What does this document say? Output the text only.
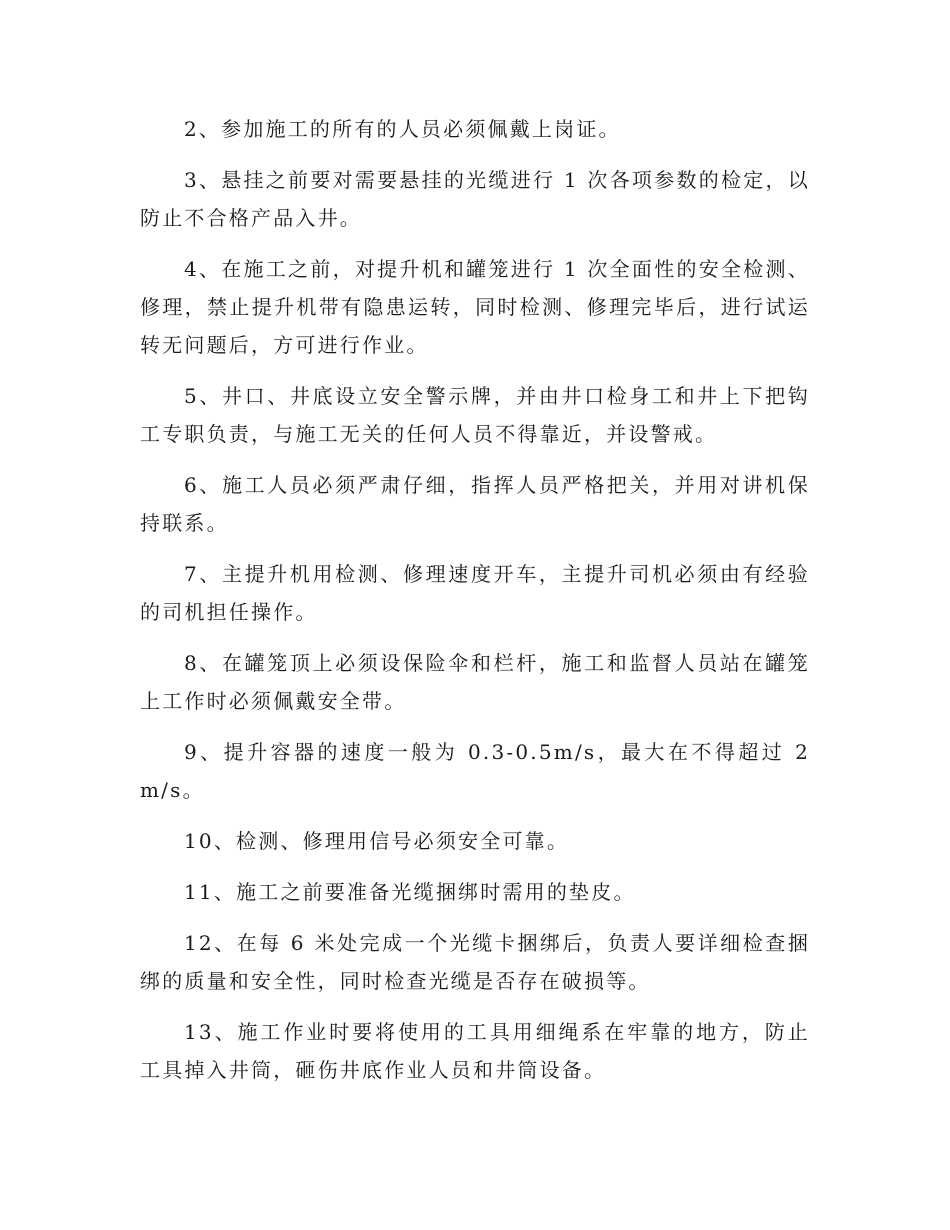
2、参加施工的所有的人员必须佩戴上岗证。

3、悬挂之前要对需要悬挂的光缆进行 1 次各项参数的检定，以防止不合格产品入井。

4、在施工之前，对提升机和罐笼进行 1 次全面性的安全检测、修理，禁止提升机带有隐患运转，同时检测、修理完毕后，进行试运转无问题后，方可进行作业。

5、井口、井底设立安全警示牌，并由井口检身工和井上下把钩工专职负责，与施工无关的任何人员不得靠近，并设警戒。

6、施工人员必须严肃仔细，指挥人员严格把关，并用对讲机保持联系。

7、主提升机用检测、修理速度开车，主提升司机必须由有经验的司机担任操作。

8、在罐笼顶上必须设保险伞和栏杆，施工和监督人员站在罐笼上工作时必须佩戴安全带。

9、提升容器的速度一般为 0.3-0.5m/s，最大在不得超过 2 m/s。

10、检测、修理用信号必须安全可靠。

11、施工之前要准备光缆捆绑时需用的垫皮。

12、在每 6 米处完成一个光缆卡捆绑后，负责人要详细检查捆绑的质量和安全性，同时检查光缆是否存在破损等。

13、施工作业时要将使用的工具用细绳系在牢靠的地方，防止工具掉入井筒，砸伤井底作业人员和井筒设备。
